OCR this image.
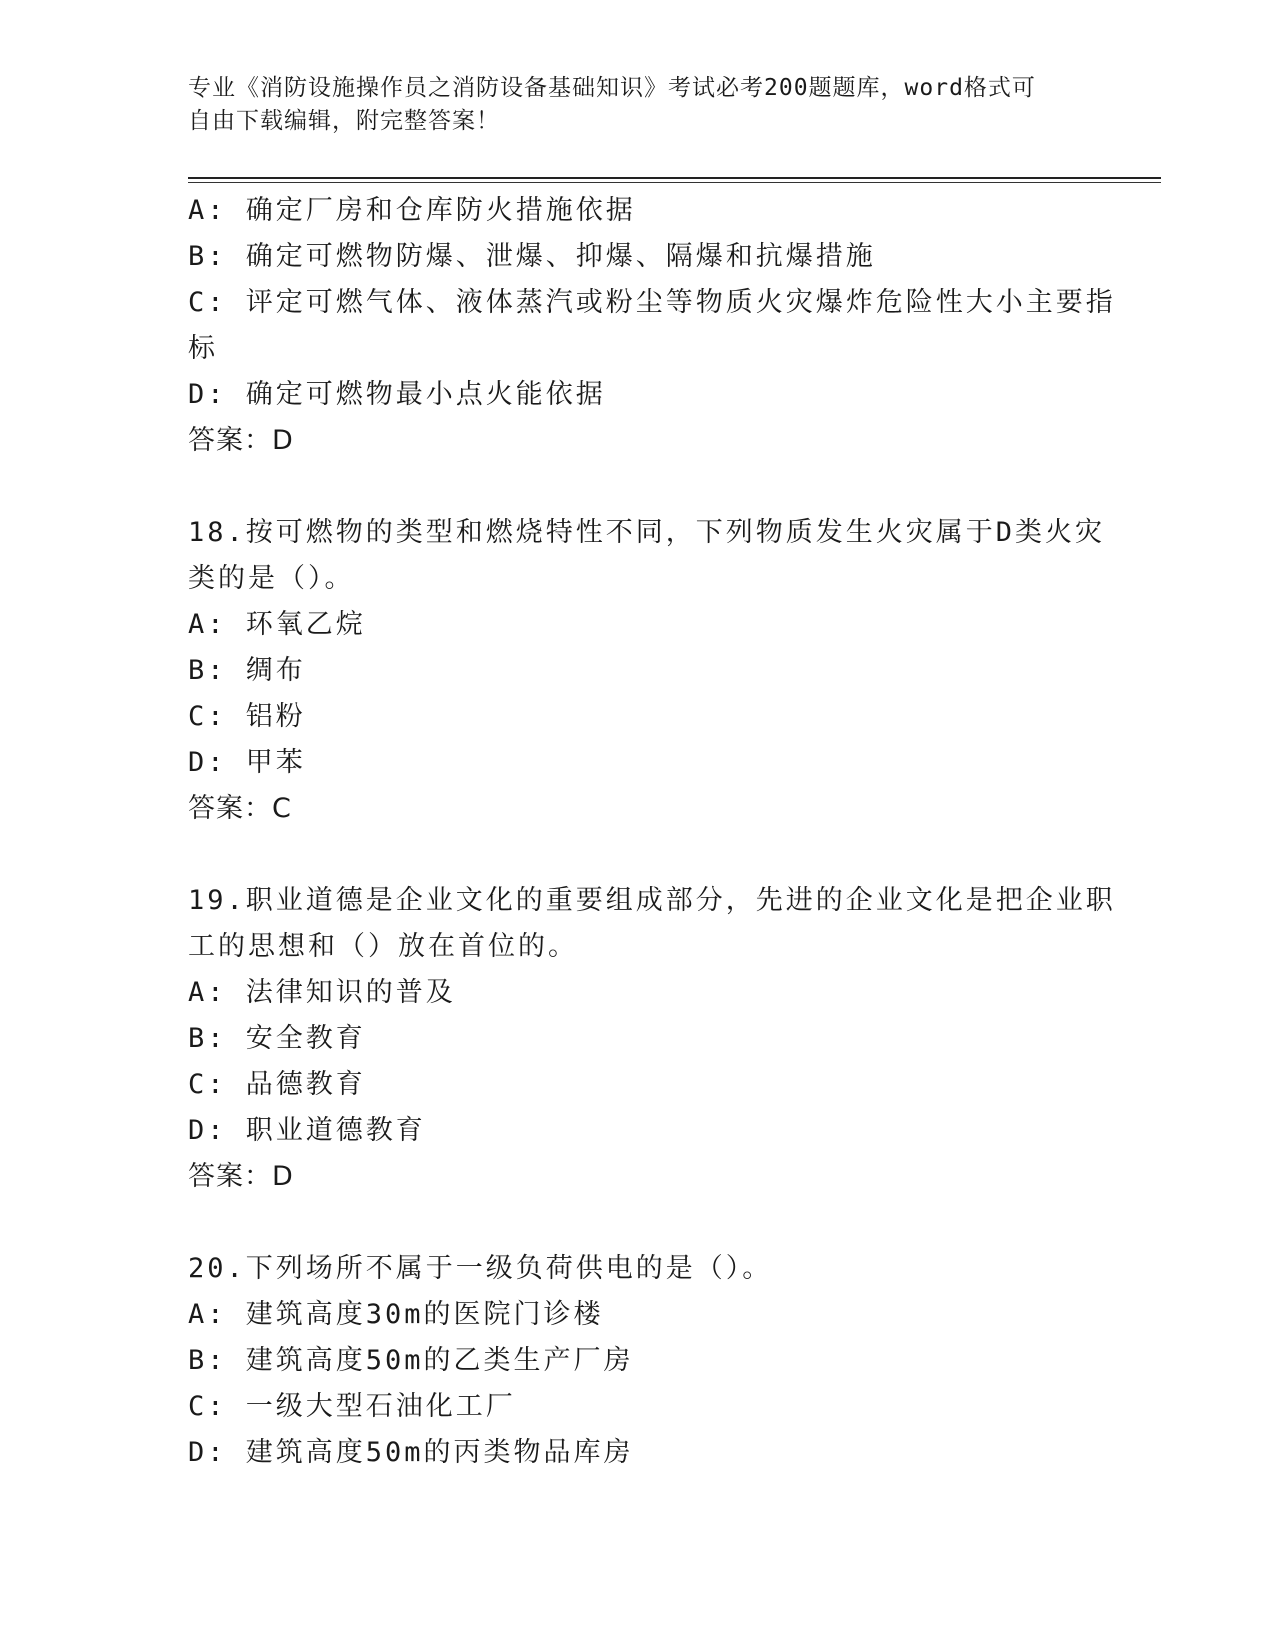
专业《消防设施操作员之消防设备基础知识》考试必考200题题库，word格式可
自由下载编辑，附完整答案！
A: 确定厂房和仓库防火措施依据
B: 确定可燃物防爆、泄爆、抑爆、隔爆和抗爆措施
C: 评定可燃气体、液体蒸汽或粉尘等物质火灾爆炸危险性大小主要指
标
D: 确定可燃物最小点火能依据
答案：D
18.按可燃物的类型和燃烧特性不同，下列物质发生火灾属于D类火灾
类的是（）。
A: 环氧乙烷
B: 绸布
C: 铝粉
D: 甲苯
答案：C
19.职业道德是企业文化的重要组成部分，先进的企业文化是把企业职
工的思想和（）放在首位的。
A: 法律知识的普及
B: 安全教育
C: 品德教育
D: 职业道德教育
答案：D
20.下列场所不属于一级负荷供电的是（）。
A: 建筑高度30m的医院门诊楼
B: 建筑高度50m的乙类生产厂房
C: 一级大型石油化工厂
D: 建筑高度50m的丙类物品库房
